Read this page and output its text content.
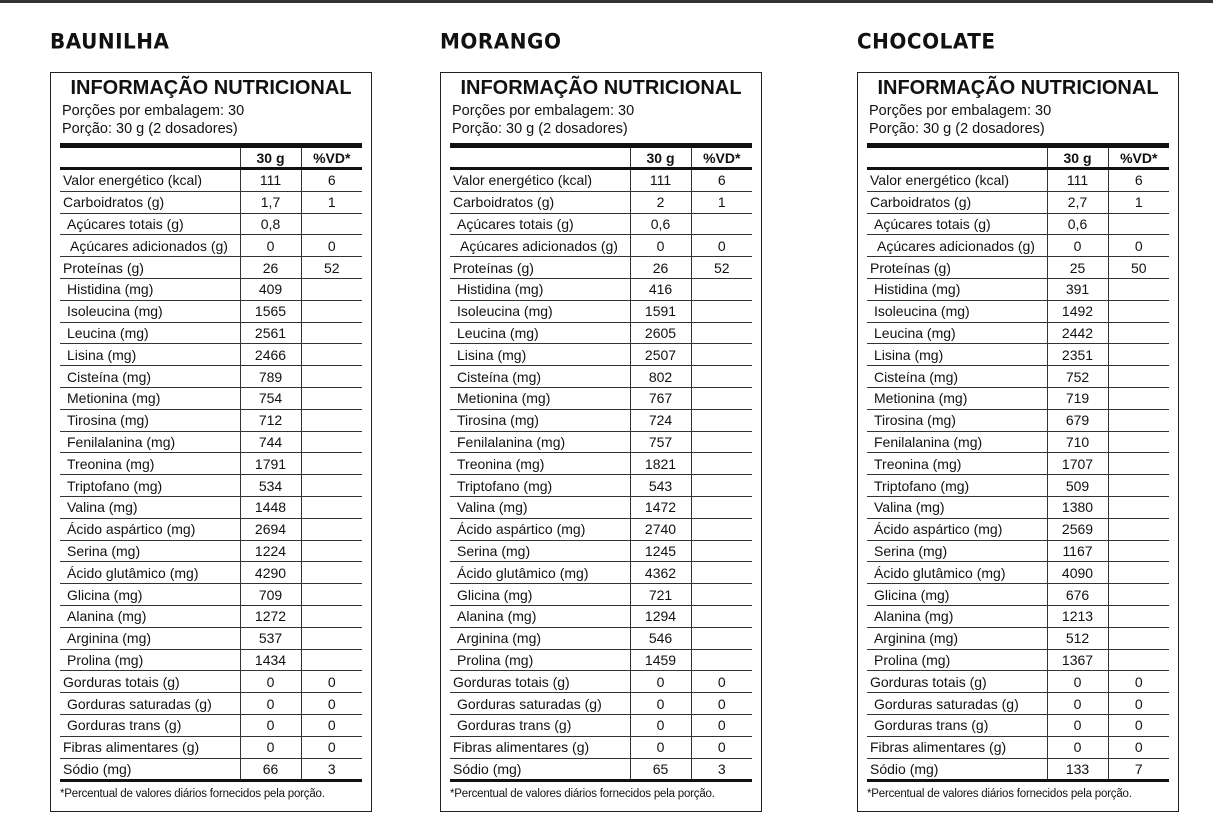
BAUNILHA
INFORMAÇÃO NUTRICIONAL
Porções por embalagem: 30
Porção: 30 g (2 dosadores)
	30 g	%VD*
Valor energético (kcal)	111	6
Carboidratos (g)	1,7	1
Açúcares totais (g)	0,8	
Açúcares adicionados (g)	0	0
Proteínas (g)	26	52
Histidina (mg)	409	
Isoleucina (mg)	1565	
Leucina (mg)	2561	
Lisina (mg)	2466	
Cisteína (mg)	789	
Metionina (mg)	754	
Tirosina (mg)	712	
Fenilalanina (mg)	744	
Treonina (mg)	1791	
Triptofano (mg)	534	
Valina (mg)	1448	
Ácido aspártico (mg)	2694	
Serina (mg)	1224	
Ácido glutâmico (mg)	4290	
Glicina (mg)	709	
Alanina (mg)	1272	
Arginina (mg)	537	
Prolina (mg)	1434	
Gorduras totais (g)	0	0
Gorduras saturadas (g)	0	0
Gorduras trans (g)	0	0
Fibras alimentares (g)	0	0
Sódio (mg)	66	3
*Percentual de valores diários fornecidos pela porção.
MORANGO
INFORMAÇÃO NUTRICIONAL
Porções por embalagem: 30
Porção: 30 g (2 dosadores)
	30 g	%VD*
Valor energético (kcal)	111	6
Carboidratos (g)	2	1
Açúcares totais (g)	0,6	
Açúcares adicionados (g)	0	0
Proteínas (g)	26	52
Histidina (mg)	416	
Isoleucina (mg)	1591	
Leucina (mg)	2605	
Lisina (mg)	2507	
Cisteína (mg)	802	
Metionina (mg)	767	
Tirosina (mg)	724	
Fenilalanina (mg)	757	
Treonina (mg)	1821	
Triptofano (mg)	543	
Valina (mg)	1472	
Ácido aspártico (mg)	2740	
Serina (mg)	1245	
Ácido glutâmico (mg)	4362	
Glicina (mg)	721	
Alanina (mg)	1294	
Arginina (mg)	546	
Prolina (mg)	1459	
Gorduras totais (g)	0	0
Gorduras saturadas (g)	0	0
Gorduras trans (g)	0	0
Fibras alimentares (g)	0	0
Sódio (mg)	65	3
*Percentual de valores diários fornecidos pela porção.
CHOCOLATE
INFORMAÇÃO NUTRICIONAL
Porções por embalagem: 30
Porção: 30 g (2 dosadores)
	30 g	%VD*
Valor energético (kcal)	111	6
Carboidratos (g)	2,7	1
Açúcares totais (g)	0,6	
Açúcares adicionados (g)	0	0
Proteínas (g)	25	50
Histidina (mg)	391	
Isoleucina (mg)	1492	
Leucina (mg)	2442	
Lisina (mg)	2351	
Cisteína (mg)	752	
Metionina (mg)	719	
Tirosina (mg)	679	
Fenilalanina (mg)	710	
Treonina (mg)	1707	
Triptofano (mg)	509	
Valina (mg)	1380	
Ácido aspártico (mg)	2569	
Serina (mg)	1167	
Ácido glutâmico (mg)	4090	
Glicina (mg)	676	
Alanina (mg)	1213	
Arginina (mg)	512	
Prolina (mg)	1367	
Gorduras totais (g)	0	0
Gorduras saturadas (g)	0	0
Gorduras trans (g)	0	0
Fibras alimentares (g)	0	0
Sódio (mg)	133	7
*Percentual de valores diários fornecidos pela porção.
